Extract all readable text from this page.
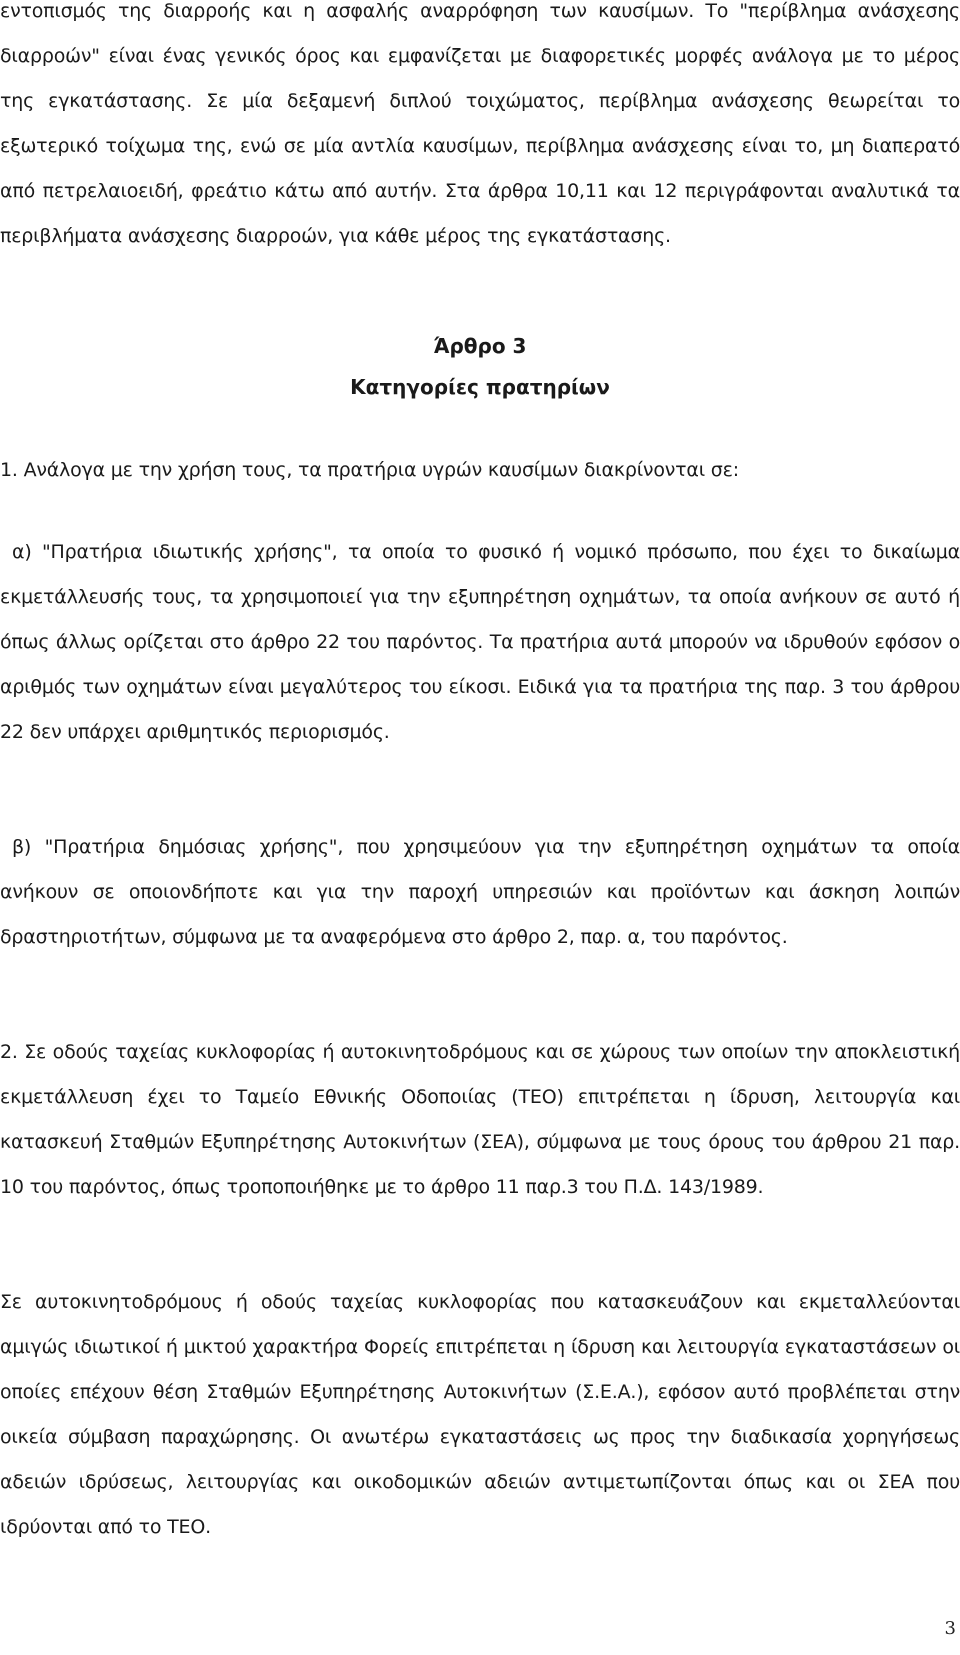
εντοπισμός της διαρροής και η ασφαλής αναρρόφηση των καυσίμων. Το "περίβλημα ανάσχεσης διαρροών" είναι ένας γενικός όρος και εμφανίζεται με διαφορετικές μορφές ανάλογα με το μέρος της εγκατάστασης. Σε μία δεξαμενή διπλού τοιχώματος, περίβλημα ανάσχεσης θεωρείται το εξωτερικό τοίχωμα της, ενώ σε μία αντλία καυσίμων, περίβλημα ανάσχεσης είναι το, μη διαπερατό από πετρελαιοειδή, φρεάτιο κάτω από αυτήν. Στα άρθρα 10,11 και 12 περιγράφονται αναλυτικά τα περιβλήματα ανάσχεσης διαρροών, για κάθε μέρος της εγκατάστασης.

Άρθρο 3
Κατηγορίες πρατηρίων

1. Ανάλογα με την χρήση τους, τα πρατήρια υγρών καυσίμων διακρίνονται σε:

α) "Πρατήρια ιδιωτικής χρήσης", τα οποία το φυσικό ή νομικό πρόσωπο, που έχει το δικαίωμα εκμετάλλευσής τους, τα χρησιμοποιεί για την εξυπηρέτηση οχημάτων, τα οποία ανήκουν σε αυτό ή όπως άλλως ορίζεται στο άρθρο 22 του παρόντος. Τα πρατήρια αυτά μπορούν να ιδρυθούν εφόσον ο αριθμός των οχημάτων είναι μεγαλύτερος του είκοσι. Ειδικά για τα πρατήρια της παρ. 3 του άρθρου 22 δεν υπάρχει αριθμητικός περιορισμός.

β) "Πρατήρια δημόσιας χρήσης", που χρησιμεύουν για την εξυπηρέτηση οχημάτων τα οποία ανήκουν σε οποιονδήποτε και για την παροχή υπηρεσιών και προϊόντων και άσκηση λοιπών δραστηριοτήτων, σύμφωνα με τα αναφερόμενα στο άρθρο 2, παρ. α, του παρόντος.

2. Σε οδούς ταχείας κυκλοφορίας ή αυτοκινητοδρόμους και σε χώρους των οποίων την αποκλειστική εκμετάλλευση έχει το Ταμείο Εθνικής Οδοποιίας (ΤΕΟ) επιτρέπεται η ίδρυση, λειτουργία και κατασκευή Σταθμών Εξυπηρέτησης Αυτοκινήτων (ΣΕΑ), σύμφωνα με τους όρους του άρθρου 21 παρ. 10 του παρόντος, όπως τροποποιήθηκε με το άρθρο 11 παρ.3 του Π.Δ. 143/1989.

Σε αυτοκινητοδρόμους ή οδούς ταχείας κυκλοφορίας που κατασκευάζουν και εκμεταλλεύονται αμιγώς ιδιωτικοί ή μικτού χαρακτήρα Φορείς επιτρέπεται η ίδρυση και λειτουργία εγκαταστάσεων οι οποίες επέχουν θέση Σταθμών Εξυπηρέτησης Αυτοκινήτων (Σ.Ε.Α.), εφόσον αυτό προβλέπεται στην οικεία σύμβαση παραχώρησης. Οι ανωτέρω εγκαταστάσεις ως προς την διαδικασία χορηγήσεως αδειών ιδρύσεως, λειτουργίας και οικοδομικών αδειών αντιμετωπίζονται όπως και οι ΣΕΑ που ιδρύονται από το ΤΕΟ.

3
